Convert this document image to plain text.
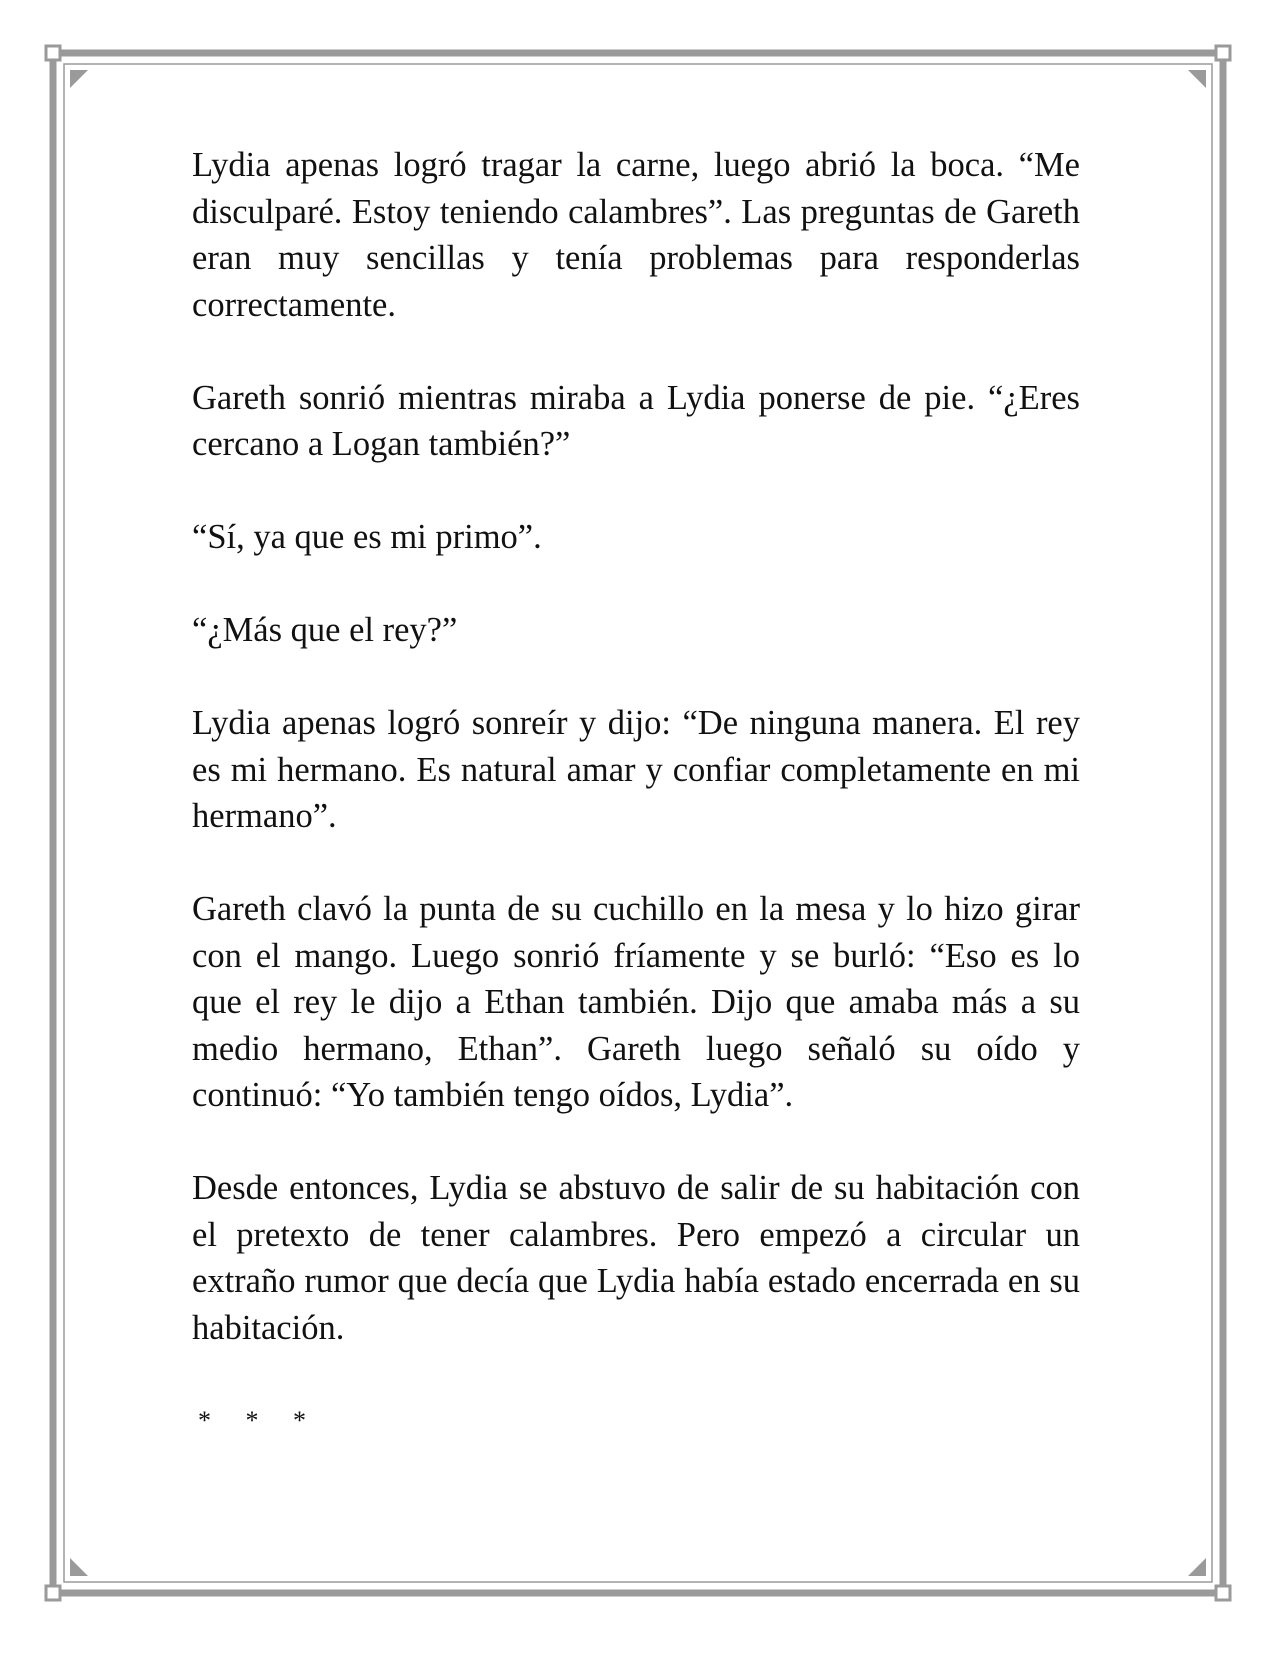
Lydia apenas logró tragar la carne, luego abrió la boca. “Me disculparé. Estoy teniendo calambres”. Las preguntas de Gareth eran muy sencillas y tenía problemas para responderlas correctamente.

Gareth sonrió mientras miraba a Lydia ponerse de pie. “¿Eres cercano a Logan también?”

“Sí, ya que es mi primo”.

“¿Más que el rey?”

Lydia apenas logró sonreír y dijo: “De ninguna manera. El rey es mi hermano. Es natural amar y confiar completamente en mi hermano”.

Gareth clavó la punta de su cuchillo en la mesa y lo hizo girar con el mango. Luego sonrió fríamente y se burló: “Eso es lo que el rey le dijo a Ethan también. Dijo que amaba más a su medio hermano, Ethan”. Gareth luego señaló su oído y continuó: “Yo también tengo oídos, Lydia”.

Desde entonces, Lydia se abstuvo de salir de su habitación con el pretexto de tener calambres. Pero empezó a circular un extraño rumor que decía que Lydia había estado encerrada en su habitación.

* * *
